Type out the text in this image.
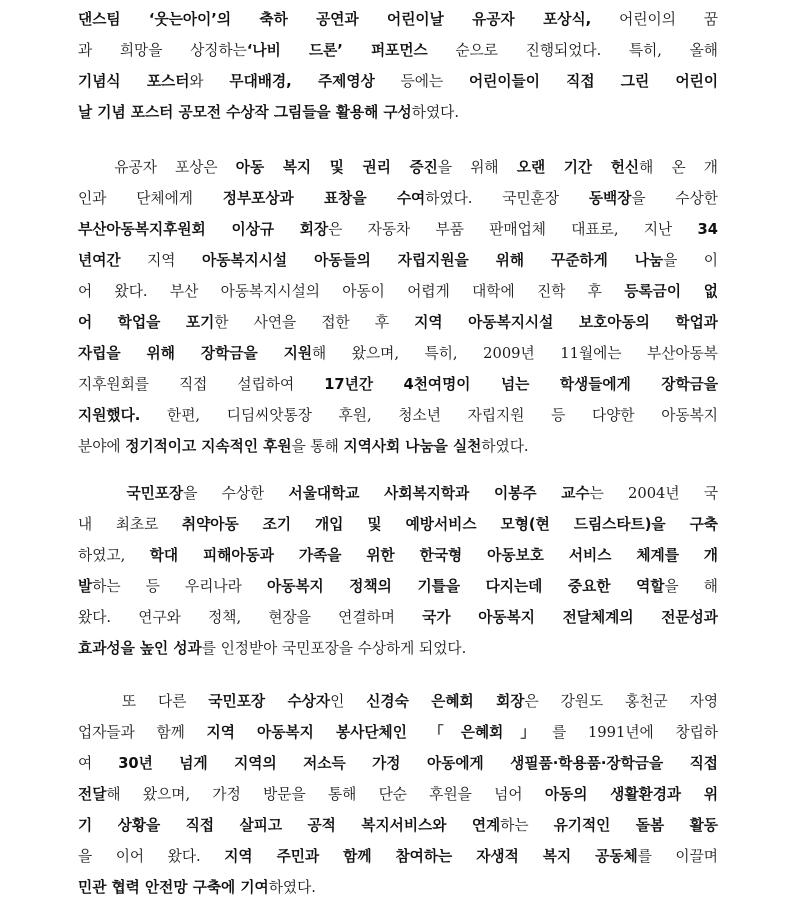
댄스팀 ‘웃는아이’의 축하 공연과 어린이날 유공자 포상식, 어린이의 꿈
과 희망을 상징하는‘나비 드론’ 퍼포먼스 순으로 진행되었다. 특히, 올해
기념식 포스터와 무대배경, 주제영상 등에는 어린이들이 직접 그린 어린이
날 기념 포스터 공모전 수상작 그림들을 활용해 구성하였다.
유공자 포상은 아동 복지 및 권리 증진을 위해 오랜 기간 헌신해 온 개
인과 단체에게 정부포상과 표창을 수여하였다. 국민훈장 동백장을 수상한
부산아동복지후원회 이상규 회장은 자동차 부품 판매업체 대표로, 지난 34
년여간 지역 아동복지시설 아동들의 자립지원을 위해 꾸준하게 나눔을 이
어 왔다. 부산 아동복지시설의 아동이 어렵게 대학에 진학 후 등록금이 없
어 학업을 포기한 사연을 접한 후 지역 아동복지시설 보호아동의 학업과
자립을 위해 장학금을 지원해 왔으며, 특히, 2009년 11월에는 부산아동복
지후원회를 직접 설립하여 17년간 4천여명이 넘는 학생들에게 장학금을
지원했다. 한편, 디딤씨앗통장 후원, 청소년 자립지원 등 다양한 아동복지
분야에 정기적이고 지속적인 후원을 통해 지역사회 나눔을 실천하였다.
국민포장을 수상한 서울대학교 사회복지학과 이봉주 교수는 2004년 국
내 최초로 취약아동 조기 개입 및 예방서비스 모형(현 드림스타트)을 구축
하였고, 학대 피해아동과 가족을 위한 한국형 아동보호 서비스 체계를 개
발하는 등 우리나라 아동복지 정책의 기틀을 다지는데 중요한 역할을 해
왔다. 연구와 정책, 현장을 연결하며 국가 아동복지 전달체계의 전문성과
효과성을 높인 성과를 인정받아 국민포장을 수상하게 되었다.
또 다른 국민포장 수상자인 신경숙 은혜회 회장은 강원도 홍천군 자영
업자들과 함께 지역 아동복지 봉사단체인 「은혜회」를 1991년에 창립하
여 30년 넘게 지역의 저소득 가정 아동에게 생필품·학용품·장학금을 직접
전달해 왔으며, 가정 방문을 통해 단순 후원을 넘어 아동의 생활환경과 위
기 상황을 직접 살피고 공적 복지서비스와 연계하는 유기적인 돌봄 활동
을 이어 왔다. 지역 주민과 함께 참여하는 자생적 복지 공동체를 이끌며
민관 협력 안전망 구축에 기여하였다.
